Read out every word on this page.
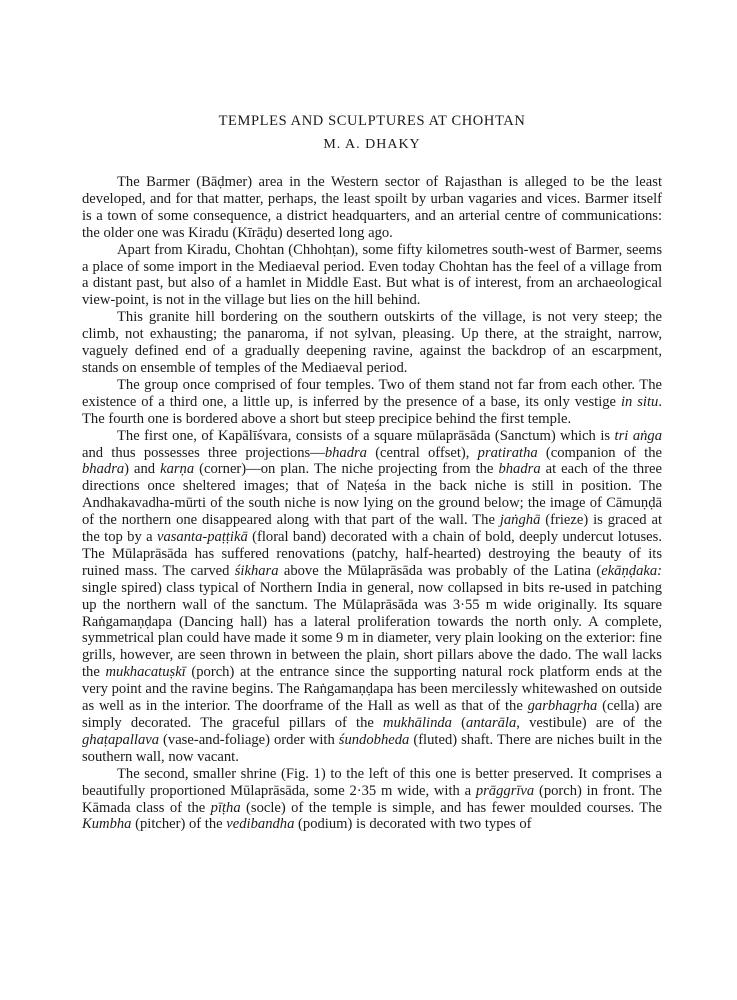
TEMPLES AND SCULPTURES AT CHOHTAN
M. A. DHAKY

The Barmer (Bāḍmer) area in the Western sector of Rajasthan is alleged to be the least developed, and for that matter, perhaps, the least spoilt by urban vagaries and vices. Barmer itself is a town of some consequence, a district headquarters, and an arterial centre of communications: the older one was Kiradu (Kīrāḍu) deserted long ago.

Apart from Kiradu, Chohtan (Chhohṭan), some fifty kilometres south-west of Barmer, seems a place of some import in the Mediaeval period. Even today Chohtan has the feel of a village from a distant past, but also of a hamlet in Middle East. But what is of interest, from an archaeological view-point, is not in the village but lies on the hill behind.

This granite hill bordering on the southern outskirts of the village, is not very steep; the climb, not exhausting; the panaroma, if not sylvan, pleasing. Up there, at the straight, narrow, vaguely defined end of a gradually deepening ravine, against the backdrop of an escarpment, stands on ensemble of temples of the Mediaeval period.

The group once comprised of four temples. Two of them stand not far from each other. The existence of a third one, a little up, is inferred by the presence of a base, its only vestige in situ. The fourth one is bordered above a short but steep precipice behind the first temple.

The first one, of Kapālīśvara, consists of a square mūlaprāsāda (Sanctum) which is tri aṅga and thus possesses three projections—bhadra (central offset), pratiratha (companion of the bhadra) and karṇa (corner)—on plan. The niche projecting from the bhadra at each of the three directions once sheltered images; that of Naṭeśa in the back niche is still in position. The Andhakavadha-mūrti of the south niche is now lying on the ground below; the image of Cāmuṇḍā of the northern one disappeared along with that part of the wall. The jaṅghā (frieze) is graced at the top by a vasanta-paṭṭikā (floral band) decorated with a chain of bold, deeply undercut lotuses. The Mūlaprāsāda has suffered renovations (patchy, half-hearted) destroying the beauty of its ruined mass. The carved śikhara above the Mūlaprāsāda was probably of the Latina (ekāṇḍaka: single spired) class typical of Northern India in general, now collapsed in bits re-used in patching up the northern wall of the sanctum. The Mūlaprāsāda was 3·55 m wide originally. Its square Raṅgamaṇḍapa (Dancing hall) has a lateral proliferation towards the north only. A complete, symmetrical plan could have made it some 9 m in diameter, very plain looking on the exterior: fine grills, however, are seen thrown in between the plain, short pillars above the dado. The wall lacks the mukhacatuṣkī (porch) at the entrance since the supporting natural rock platform ends at the very point and the ravine begins. The Raṅgamaṇḍapa has been mercilessly whitewashed on outside as well as in the interior. The doorframe of the Hall as well as that of the garbhagṛha (cella) are simply decorated. The graceful pillars of the mukhālinda (antarāla, vestibule) are of the ghaṭapallava (vase-and-foliage) order with śundobheda (fluted) shaft. There are niches built in the southern wall, now vacant.

The second, smaller shrine (Fig. 1) to the left of this one is better preserved. It comprises a beautifully proportioned Mūlaprāsāda, some 2·35 m wide, with a prāggrīva (porch) in front. The Kāmada class of the pīṭha (socle) of the temple is simple, and has fewer moulded courses. The Kumbha (pitcher) of the vedibandha (podium) is decorated with two types of
